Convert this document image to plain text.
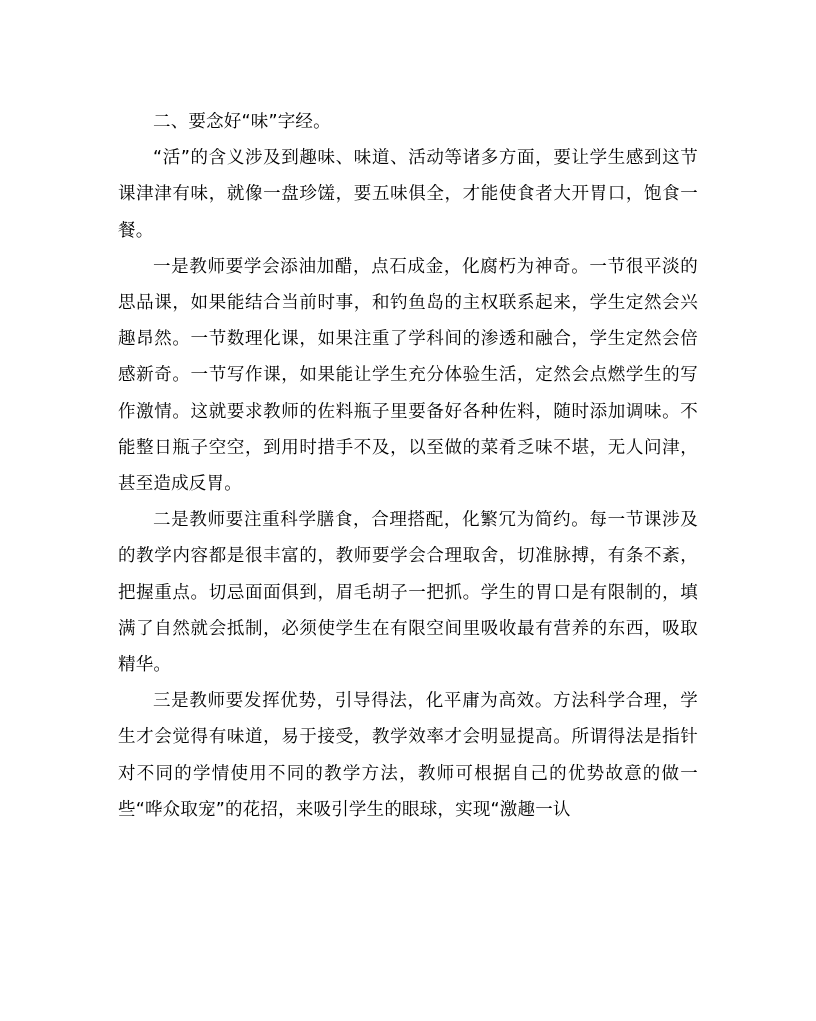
二、要念好“味”字经。

“活”的含义涉及到趣味、味道、活动等诸多方面，要让学生感到这节课津津有味，就像一盘珍馐，要五味俱全，才能使食者大开胃口，饱食一餐。

一是教师要学会添油加醋，点石成金，化腐朽为神奇。一节很平淡的思品课，如果能结合当前时事，和钓鱼岛的主权联系起来，学生定然会兴趣昂然。一节数理化课，如果注重了学科间的渗透和融合，学生定然会倍感新奇。一节写作课，如果能让学生充分体验生活，定然会点燃学生的写作激情。这就要求教师的佐料瓶子里要备好各种佐料，随时添加调味。不能整日瓶子空空，到用时措手不及，以至做的菜肴乏味不堪，无人问津，甚至造成反胃。

二是教师要注重科学膳食，合理搭配，化繁冗为简约。每一节课涉及的教学内容都是很丰富的，教师要学会合理取舍，切准脉搏，有条不紊，把握重点。切忌面面俱到，眉毛胡子一把抓。学生的胃口是有限制的，填满了自然就会抵制，必须使学生在有限空间里吸收最有营养的东西，吸取精华。

三是教师要发挥优势，引导得法，化平庸为高效。方法科学合理，学生才会觉得有味道，易于接受，教学效率才会明显提高。所谓得法是指针对不同的学情使用不同的教学方法，教师可根据自己的优势故意的做一些“哗众取宠”的花招，来吸引学生的眼球，实现“激趣一认
